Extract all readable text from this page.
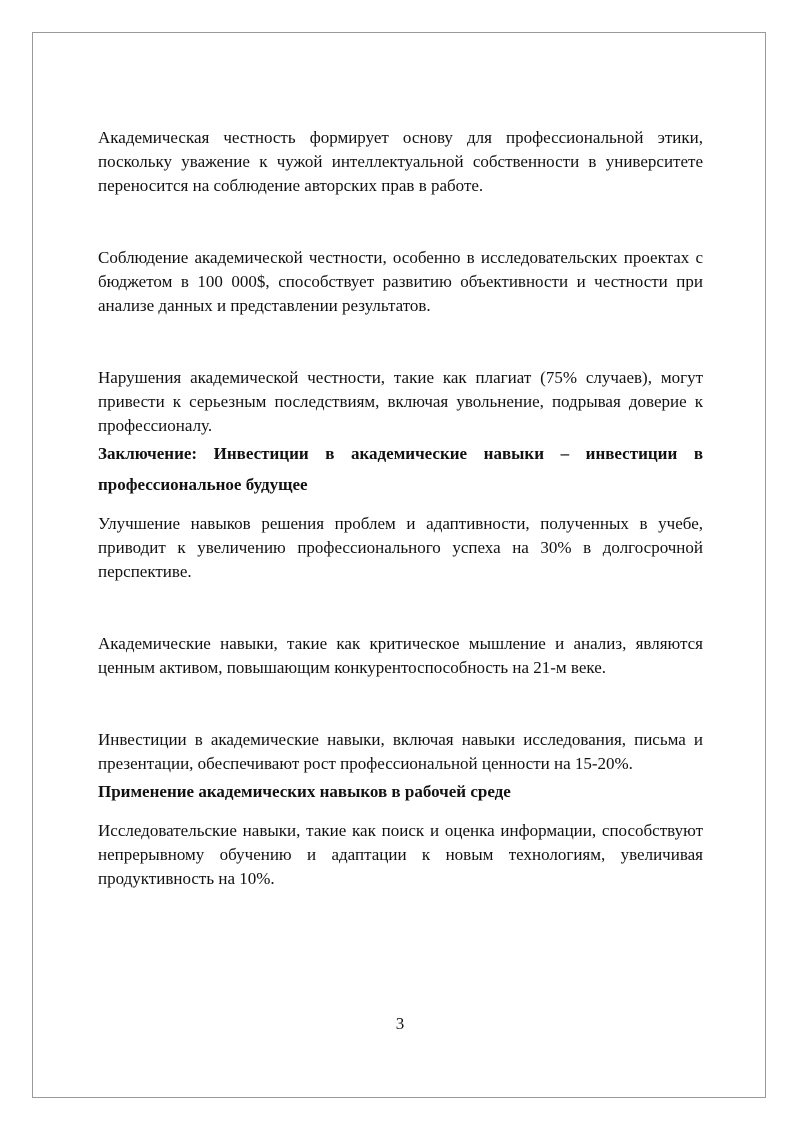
Академическая честность формирует основу для профессиональной этики, поскольку уважение к чужой интеллектуальной собственности в университете переносится на соблюдение авторских прав в работе.

Соблюдение академической честности, особенно в исследовательских проектах с бюджетом в 100 000$, способствует развитию объективности и честности при анализе данных и представлении результатов.

Нарушения академической честности, такие как плагиат (75% случаев), могут привести к серьезным последствиям, включая увольнение, подрывая доверие к профессионалу.

Заключение: Инвестиции в академические навыки – инвестиции в профессиональное будущее

Улучшение навыков решения проблем и адаптивности, полученных в учебе, приводит к увеличению профессионального успеха на 30% в долгосрочной перспективе.

Академические навыки, такие как критическое мышление и анализ, являются ценным активом, повышающим конкурентоспособность на 21-м веке.

Инвестиции в академические навыки, включая навыки исследования, письма и презентации, обеспечивают рост профессиональной ценности на 15-20%.

Применение академических навыков в рабочей среде

Исследовательские навыки, такие как поиск и оценка информации, способствуют непрерывному обучению и адаптации к новым технологиям, увеличивая продуктивность на 10%.

3
